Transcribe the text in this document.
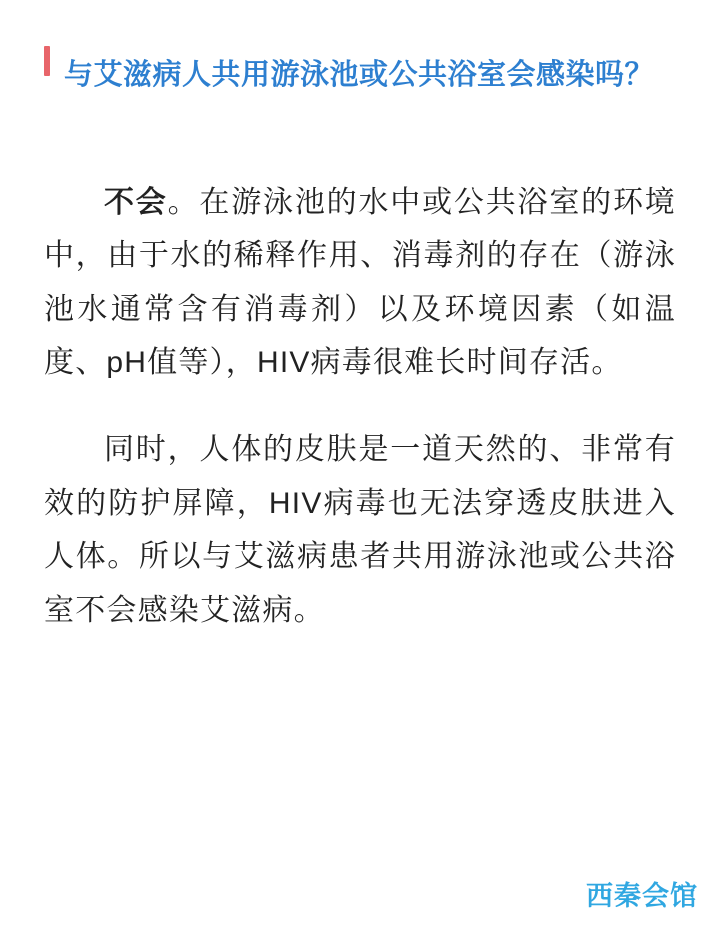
与艾滋病人共用游泳池或公共浴室会感染吗？

不会。在游泳池的水中或公共浴室的环境中，由于水的稀释作用、消毒剂的存在（游泳池水通常含有消毒剂）以及环境因素（如温度、pH值等），HIV病毒很难长时间存活。

同时，人体的皮肤是一道天然的、非常有效的防护屏障，HIV病毒也无法穿透皮肤进入人体。所以与艾滋病患者共用游泳池或公共浴室不会感染艾滋病。

西秦会馆
